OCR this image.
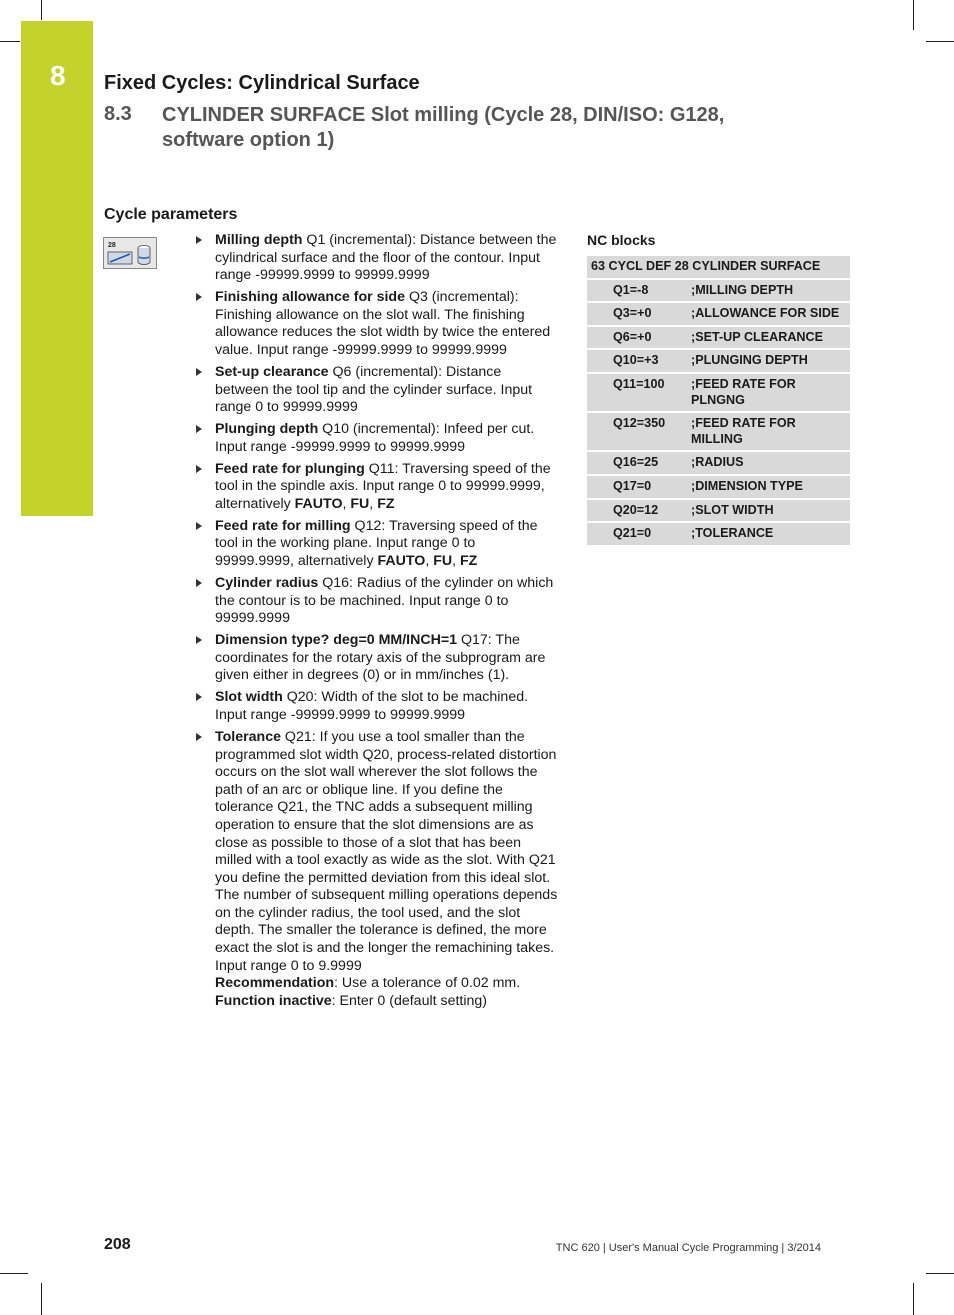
8 Fixed Cycles: Cylindrical Surface
8.3 CYLINDER SURFACE Slot milling (Cycle 28, DIN/ISO: G128, software option 1)
Cycle parameters
28	Milling depth Q1 (incremental): Distance between the cylindrical surface and the floor of the contour. Input range -99999.9999 to 99999.9999
Finishing allowance for side Q3 (incremental): Finishing allowance on the slot wall. The finishing allowance reduces the slot width by twice the entered value. Input range -99999.9999 to 99999.9999
Set-up clearance Q6 (incremental): Distance between the tool tip and the cylinder surface. Input range 0 to 99999.9999
Plunging depth Q10 (incremental): Infeed per cut. Input range -99999.9999 to 99999.9999
Feed rate for plunging Q11: Traversing speed of the tool in the spindle axis. Input range 0 to 99999.9999, alternatively FAUTO, FU, FZ
Feed rate for milling Q12: Traversing speed of the tool in the working plane. Input range 0 to 99999.9999, alternatively FAUTO, FU, FZ
Cylinder radius Q16: Radius of the cylinder on which the contour is to be machined. Input range 0 to 99999.9999
Dimension type? deg=0 MM/INCH=1 Q17: The coordinates for the rotary axis of the subprogram are given either in degrees (0) or in mm/inches (1).
Slot width Q20: Width of the slot to be machined. Input range -99999.9999 to 99999.9999
Tolerance Q21: If you use a tool smaller than the programmed slot width Q20, process-related distortion occurs on the slot wall wherever the slot follows the path of an arc or oblique line. If you define the tolerance Q21, the TNC adds a subsequent milling operation to ensure that the slot dimensions are as close as possible to those of a slot that has been milled with a tool exactly as wide as the slot. With Q21 you define the permitted deviation from this ideal slot. The number of subsequent milling operations depends on the cylinder radius, the tool used, and the slot depth. The smaller the tolerance is defined, the more exact the slot is and the longer the remachining takes. Input range 0 to 9.9999
Recommendation: Use a tolerance of 0.02 mm.
Function inactive: Enter 0 (default setting)
NC blocks
63 CYCL DEF 28 CYLINDER SURFACE	
Q1=-8	;MILLING DEPTH
Q3=+0	;ALLOWANCE FOR SIDE
Q6=+0	;SET-UP CLEARANCE
Q10=+3	;PLUNGING DEPTH
Q11=100	;FEED RATE FOR PLNGNG
Q12=350	;FEED RATE FOR MILLING
Q16=25	;RADIUS
Q17=0	;DIMENSION TYPE
Q20=12	;SLOT WIDTH
Q21=0	;TOLERANCE
208	TNC 620 | User's Manual Cycle Programming | 3/2014
